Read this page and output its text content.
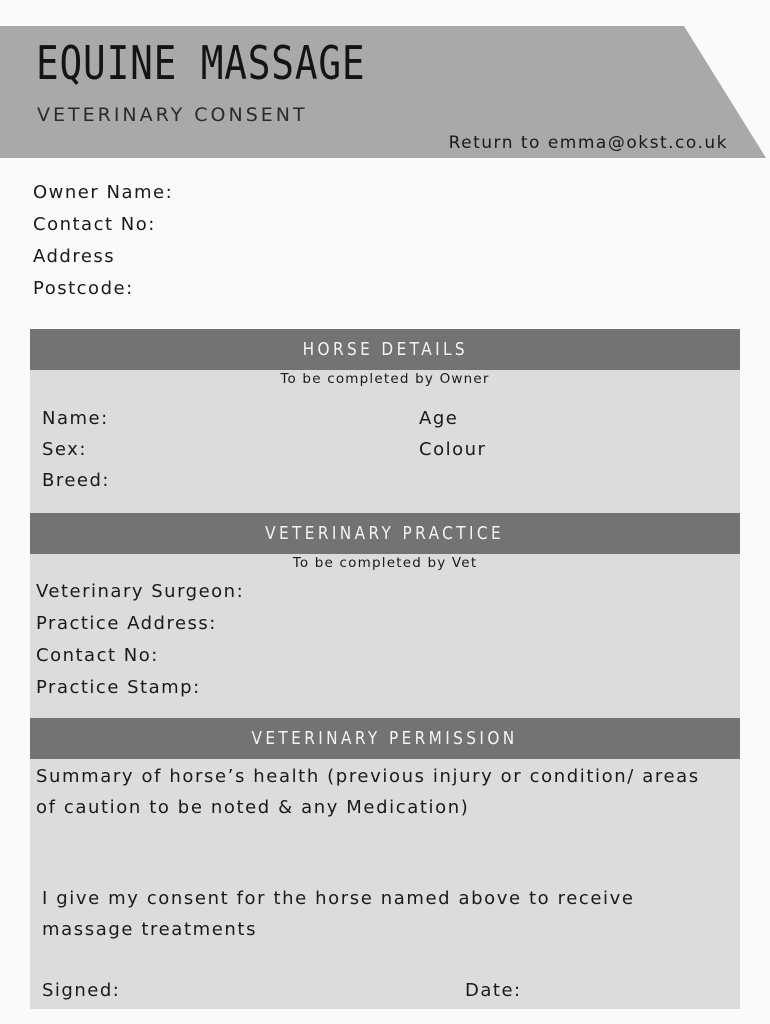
EQUINE MASSAGE
VETERINARY CONSENT
Return to emma@okst.co.uk
Owner Name:
Contact No:
Address
Postcode:
HORSE DETAILS
To be completed by Owner
Name:	Age
Sex:	Colour
Breed:
VETERINARY PRACTICE
To be completed by Vet
Veterinary Surgeon:
Practice Address:
Contact No:
Practice Stamp:
VETERINARY PERMISSION
Summary of horse’s health (previous injury or condition/ areas of caution to be noted & any Medication)
I give my consent for the horse named above to receive massage treatments
Signed:	Date:
